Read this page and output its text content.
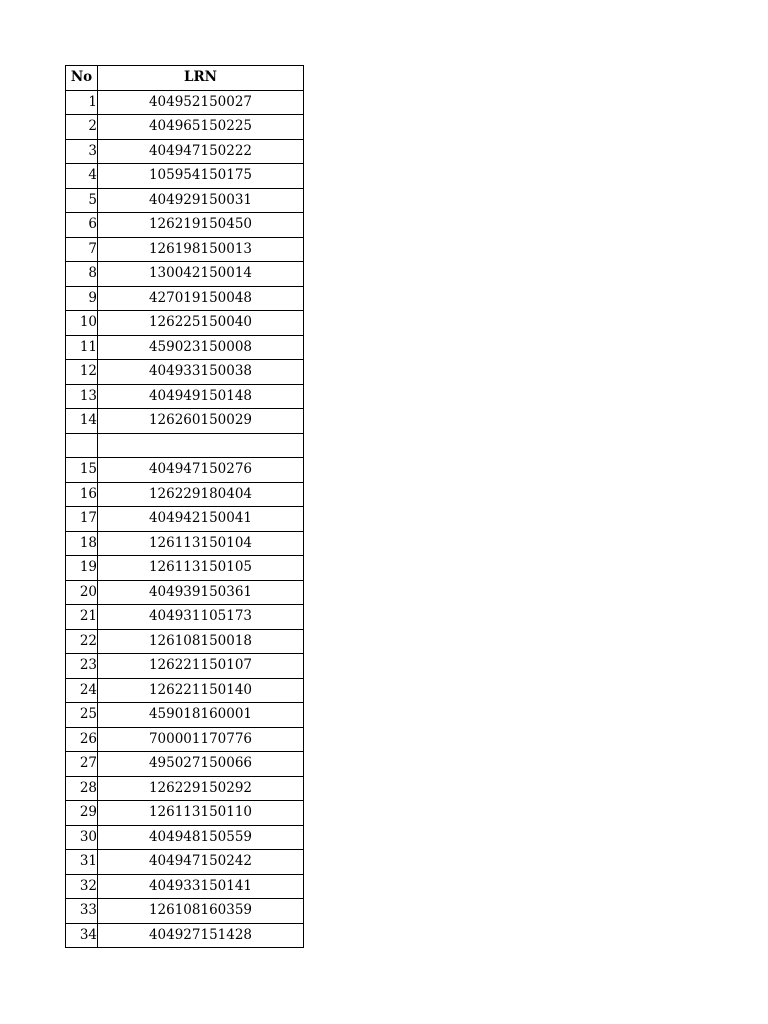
No	LRN
1	404952150027
2	404965150225
3	404947150222
4	105954150175
5	404929150031
6	126219150450
7	126198150013
8	130042150014
9	427019150048
10	126225150040
11	459023150008
12	404933150038
13	404949150148
14	126260150029

15	404947150276
16	126229180404
17	404942150041
18	126113150104
19	126113150105
20	404939150361
21	404931105173
22	126108150018
23	126221150107
24	126221150140
25	459018160001
26	700001170776
27	495027150066
28	126229150292
29	126113150110
30	404948150559
31	404947150242
32	404933150141
33	126108160359
34	404927151428
